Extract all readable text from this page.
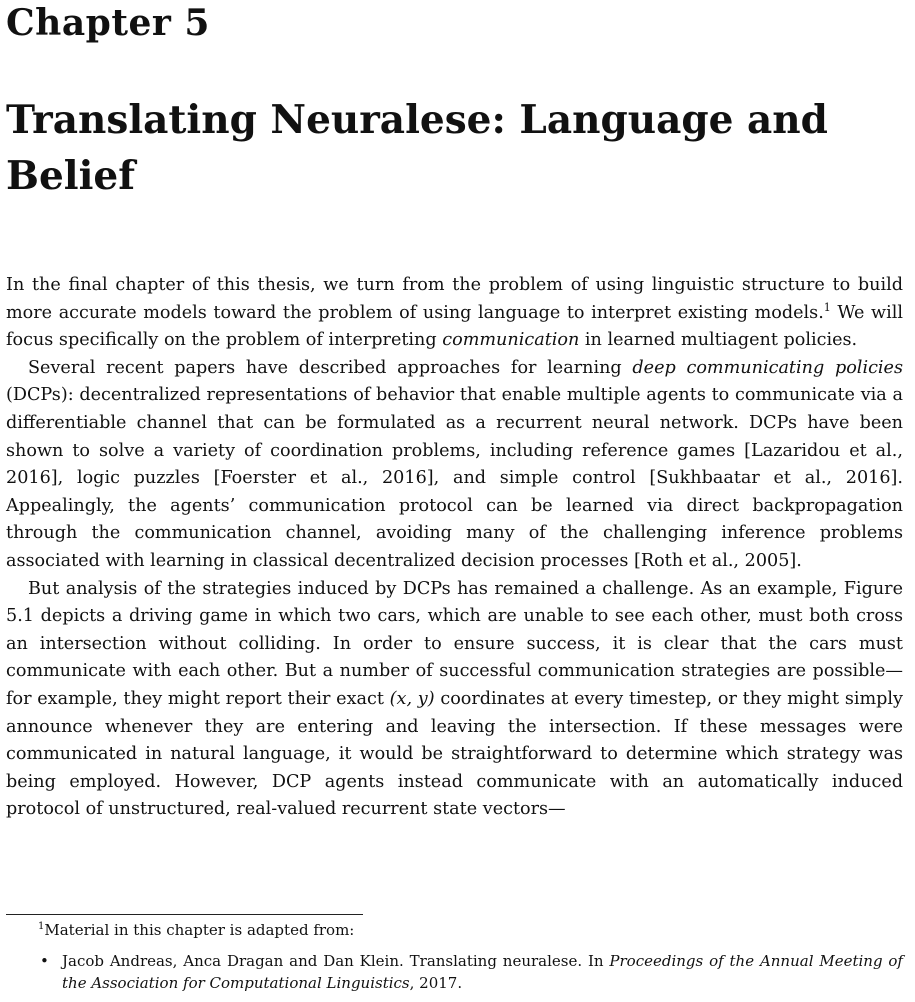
Chapter 5
Translating Neuralese: Language and Belief

In the final chapter of this thesis, we turn from the problem of using linguistic structure to build more accurate models toward the problem of using language to interpret existing models.$^1$ We will focus specifically on the problem of interpreting communication in learned multiagent policies.

Several recent papers have described approaches for learning deep communicating policies (DCPs): decentralized representations of behavior that enable multiple agents to communicate via a differentiable channel that can be formulated as a recurrent neural network. DCPs have been shown to solve a variety of coordination problems, including reference games [Lazaridou et al., 2016], logic puzzles [Foerster et al., 2016], and simple control [Sukhbaatar et al., 2016]. Appealingly, the agents’ communication protocol can be learned via direct backpropagation through the communication channel, avoiding many of the challenging inference problems associated with learning in classical decentralized decision processes [Roth et al., 2005].

But analysis of the strategies induced by DCPs has remained a challenge. As an example, Figure 5.1 depicts a driving game in which two cars, which are unable to see each other, must both cross an intersection without colliding. In order to ensure success, it is clear that the cars must communicate with each other. But a number of successful communication strategies are possible—for example, they might report their exact (x, y) coordinates at every timestep, or they might simply announce whenever they are entering and leaving the intersection. If these messages were communicated in natural language, it would be straightforward to determine which strategy was being employed. However, DCP agents instead communicate with an automatically induced protocol of unstructured, real-valued recurrent state vectors—

$^1$Material in this chapter is adapted from:

• Jacob Andreas, Anca Dragan and Dan Klein. Translating neuralese. In Proceedings of the Annual Meeting of the Association for Computational Linguistics, 2017.
